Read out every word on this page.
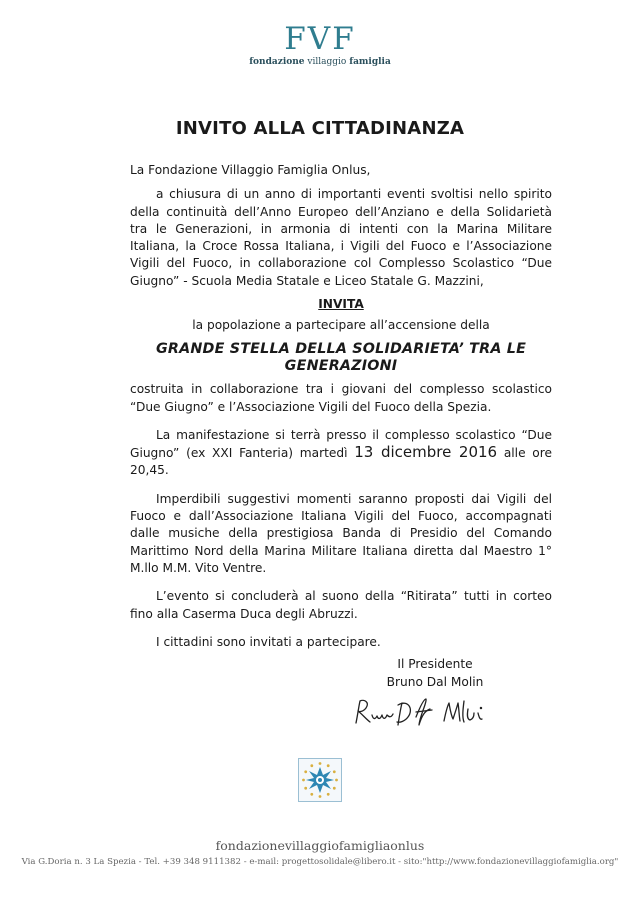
FVF
fondazione villaggio famiglia
INVITO ALLA CITTADINANZA

La Fondazione Villaggio Famiglia Onlus,

a chiusura di un anno di importanti eventi svoltisi nello spirito della continuità dell’Anno Europeo dell’Anziano e della Solidarietà tra le Generazioni, in armonia di intenti con la Marina Militare Italiana, la Croce Rossa Italiana, i Vigili del Fuoco e l’Associazione Vigili del Fuoco, in collaborazione col Complesso Scolastico “Due Giugno” - Scuola Media Statale e Liceo Statale G. Mazzini,

INVITA

la popolazione a partecipare all’accensione della

GRANDE STELLA DELLA SOLIDARIETA’ TRA LE GENERAZIONI

costruita in collaborazione tra i giovani del complesso scolastico “Due Giugno” e l’Associazione Vigili del Fuoco della Spezia.

La manifestazione si terrà presso il complesso scolastico “Due Giugno” (ex XXI Fanteria) martedì 13 dicembre 2016 alle ore 20,45.

Imperdibili suggestivi momenti saranno proposti dai Vigili del Fuoco e dall’Associazione Italiana Vigili del Fuoco, accompagnati dalle musiche della prestigiosa Banda di Presidio del Comando Marittimo Nord della Marina Militare Italiana diretta dal Maestro 1° M.llo M.M. Vito Ventre.

L’evento si concluderà al suono della “Ritirata” tutti in corteo fino alla Caserma Duca degli Abruzzi.

I cittadini sono invitati a partecipare.

Il Presidente
Bruno Dal Molin
fondazionevillaggiofamigliaonlus
Via G.Doria n. 3 La Spezia - Tel. +39 348 9111382 - e-mail: progettosolidale@libero.it - sito:"http://www.fondazionevillaggiofamiglia.org"
